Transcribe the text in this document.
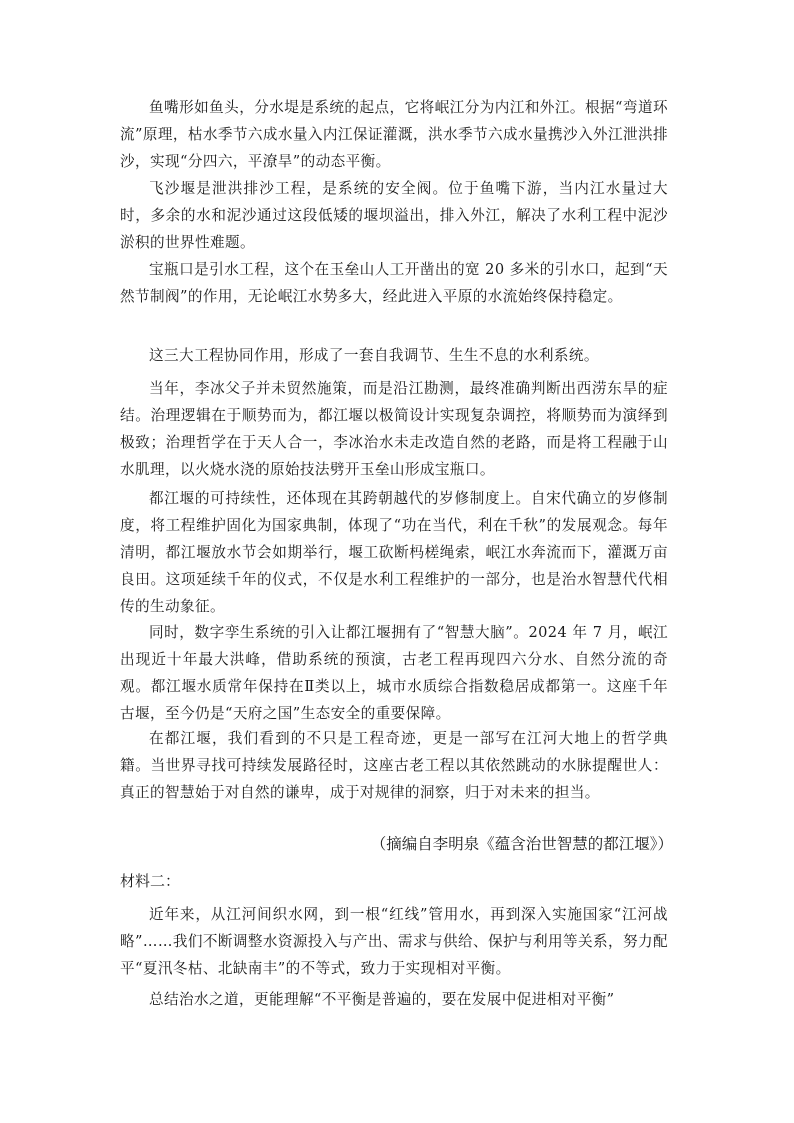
鱼嘴形如鱼头，分水堤是系统的起点，它将岷江分为内江和外江。根据“弯道环流”原理，枯水季节六成水量入内江保证灌溉，洪水季节六成水量携沙入外江泄洪排沙，实现“分四六，平潦旱”的动态平衡。

飞沙堰是泄洪排沙工程，是系统的安全阀。位于鱼嘴下游，当内江水量过大时，多余的水和泥沙通过这段低矮的堰坝溢出，排入外江，解决了水利工程中泥沙淤积的世界性难题。

宝瓶口是引水工程，这个在玉垒山人工开凿出的宽 20 多米的引水口，起到“天然节制阀”的作用，无论岷江水势多大，经此进入平原的水流始终保持稳定。

这三大工程协同作用，形成了一套自我调节、生生不息的水利系统。

当年，李冰父子并未贸然施策，而是沿江勘测，最终准确判断出西涝东旱的症结。治理逻辑在于顺势而为，都江堰以极简设计实现复杂调控，将顺势而为演绎到极致；治理哲学在于天人合一，李冰治水未走改造自然的老路，而是将工程融于山水肌理，以火烧水浇的原始技法劈开玉垒山形成宝瓶口。

都江堰的可持续性，还体现在其跨朝越代的岁修制度上。自宋代确立的岁修制度，将工程维护固化为国家典制，体现了“功在当代，利在千秋”的发展观念。每年清明，都江堰放水节会如期举行，堰工砍断杩槎绳索，岷江水奔流而下，灌溉万亩良田。这项延续千年的仪式，不仅是水利工程维护的一部分，也是治水智慧代代相传的生动象征。

同时，数字孪生系统的引入让都江堰拥有了“智慧大脑”。2024 年 7 月，岷江出现近十年最大洪峰，借助系统的预演，古老工程再现四六分水、自然分流的奇观。都江堰水质常年保持在Ⅱ类以上，城市水质综合指数稳居成都第一。这座千年古堰，至今仍是“天府之国”生态安全的重要保障。

在都江堰，我们看到的不只是工程奇迹，更是一部写在江河大地上的哲学典籍。当世界寻找可持续发展路径时，这座古老工程以其依然跳动的水脉提醒世人：真正的智慧始于对自然的谦卑，成于对规律的洞察，归于对未来的担当。

（摘编自李明泉《蕴含治世智慧的都江堰》）

材料二：

近年来，从江河间织水网，到一根“红线”管用水，再到深入实施国家“江河战略”……我们不断调整水资源投入与产出、需求与供给、保护与利用等关系，努力配平“夏汛冬枯、北缺南丰”的不等式，致力于实现相对平衡。

总结治水之道，更能理解“不平衡是普遍的，要在发展中促进相对平衡”
